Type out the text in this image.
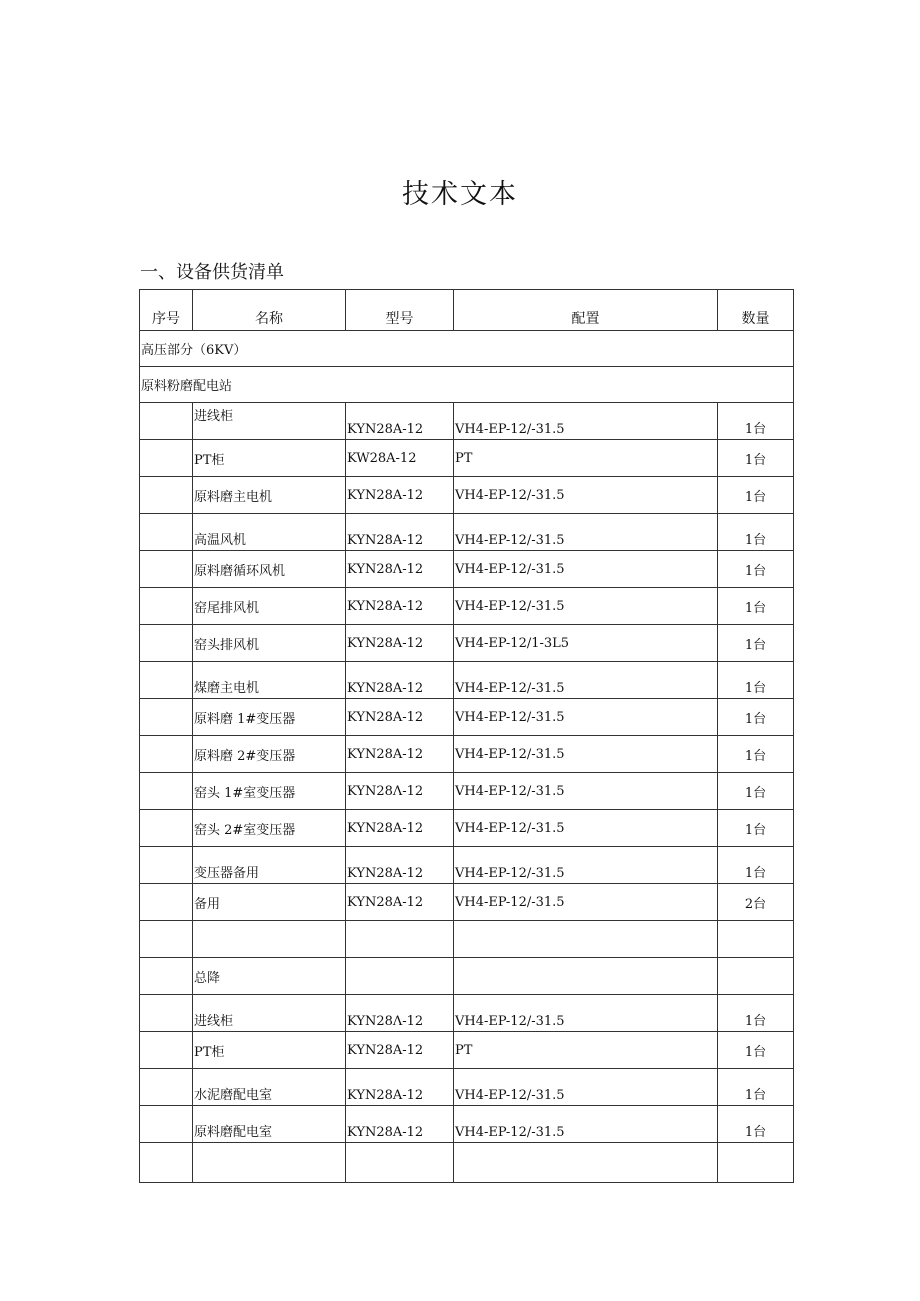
技术文本
一、设备供货清单
序号	名称	型号	配置	数量
高压部分（6KV）				
原料粉磨配电站				
	进线柜	KYN28A-12	VH4-EP-12/-31.5	1台
	PT柜	KW28A-12	PT	1台
	原料磨主电机	KYN28A-12	VH4-EP-12/-31.5	1台
	高温风机	KYN28A-12	VH4-EP-12/-31.5	1台
	原料磨循环风机	KYN28Λ-12	VH4-EP-12/-31.5	1台
	窑尾排风机	KYN28A-12	VH4-EP-12/-31.5	1台
	窑头排风机	KYN28A-12	VH4-EP-12/1-3L5	1台
	煤磨主电机	KYN28A-12	VH4-EP-12/-31.5	1台
	原料磨 1#变压器	KYN28A-12	VH4-EP-12/-31.5	1台
	原料磨 2#变压器	KYN28A-12	VH4-EP-12/-31.5	1台
	窑头 1#室变压器	KYN28Λ-12	VH4-EP-12/-31.5	1台
	窑头 2#室变压器	KYN28A-12	VH4-EP-12/-31.5	1台
	变压器备用	KYN28A-12	VH4-EP-12/-31.5	1台
	备用	KYN28A-12	VH4-EP-12/-31.5	2台

	总降			
	进线柜	KYN28Λ-12	VH4-EP-12/-31.5	1台
	PT柜	KYN28A-12	PT	1台
	水泥磨配电室	KYN28A-12	VH4-EP-12/-31.5	1台
	原料磨配电室	KYN28A-12	VH4-EP-12/-31.5	1台
